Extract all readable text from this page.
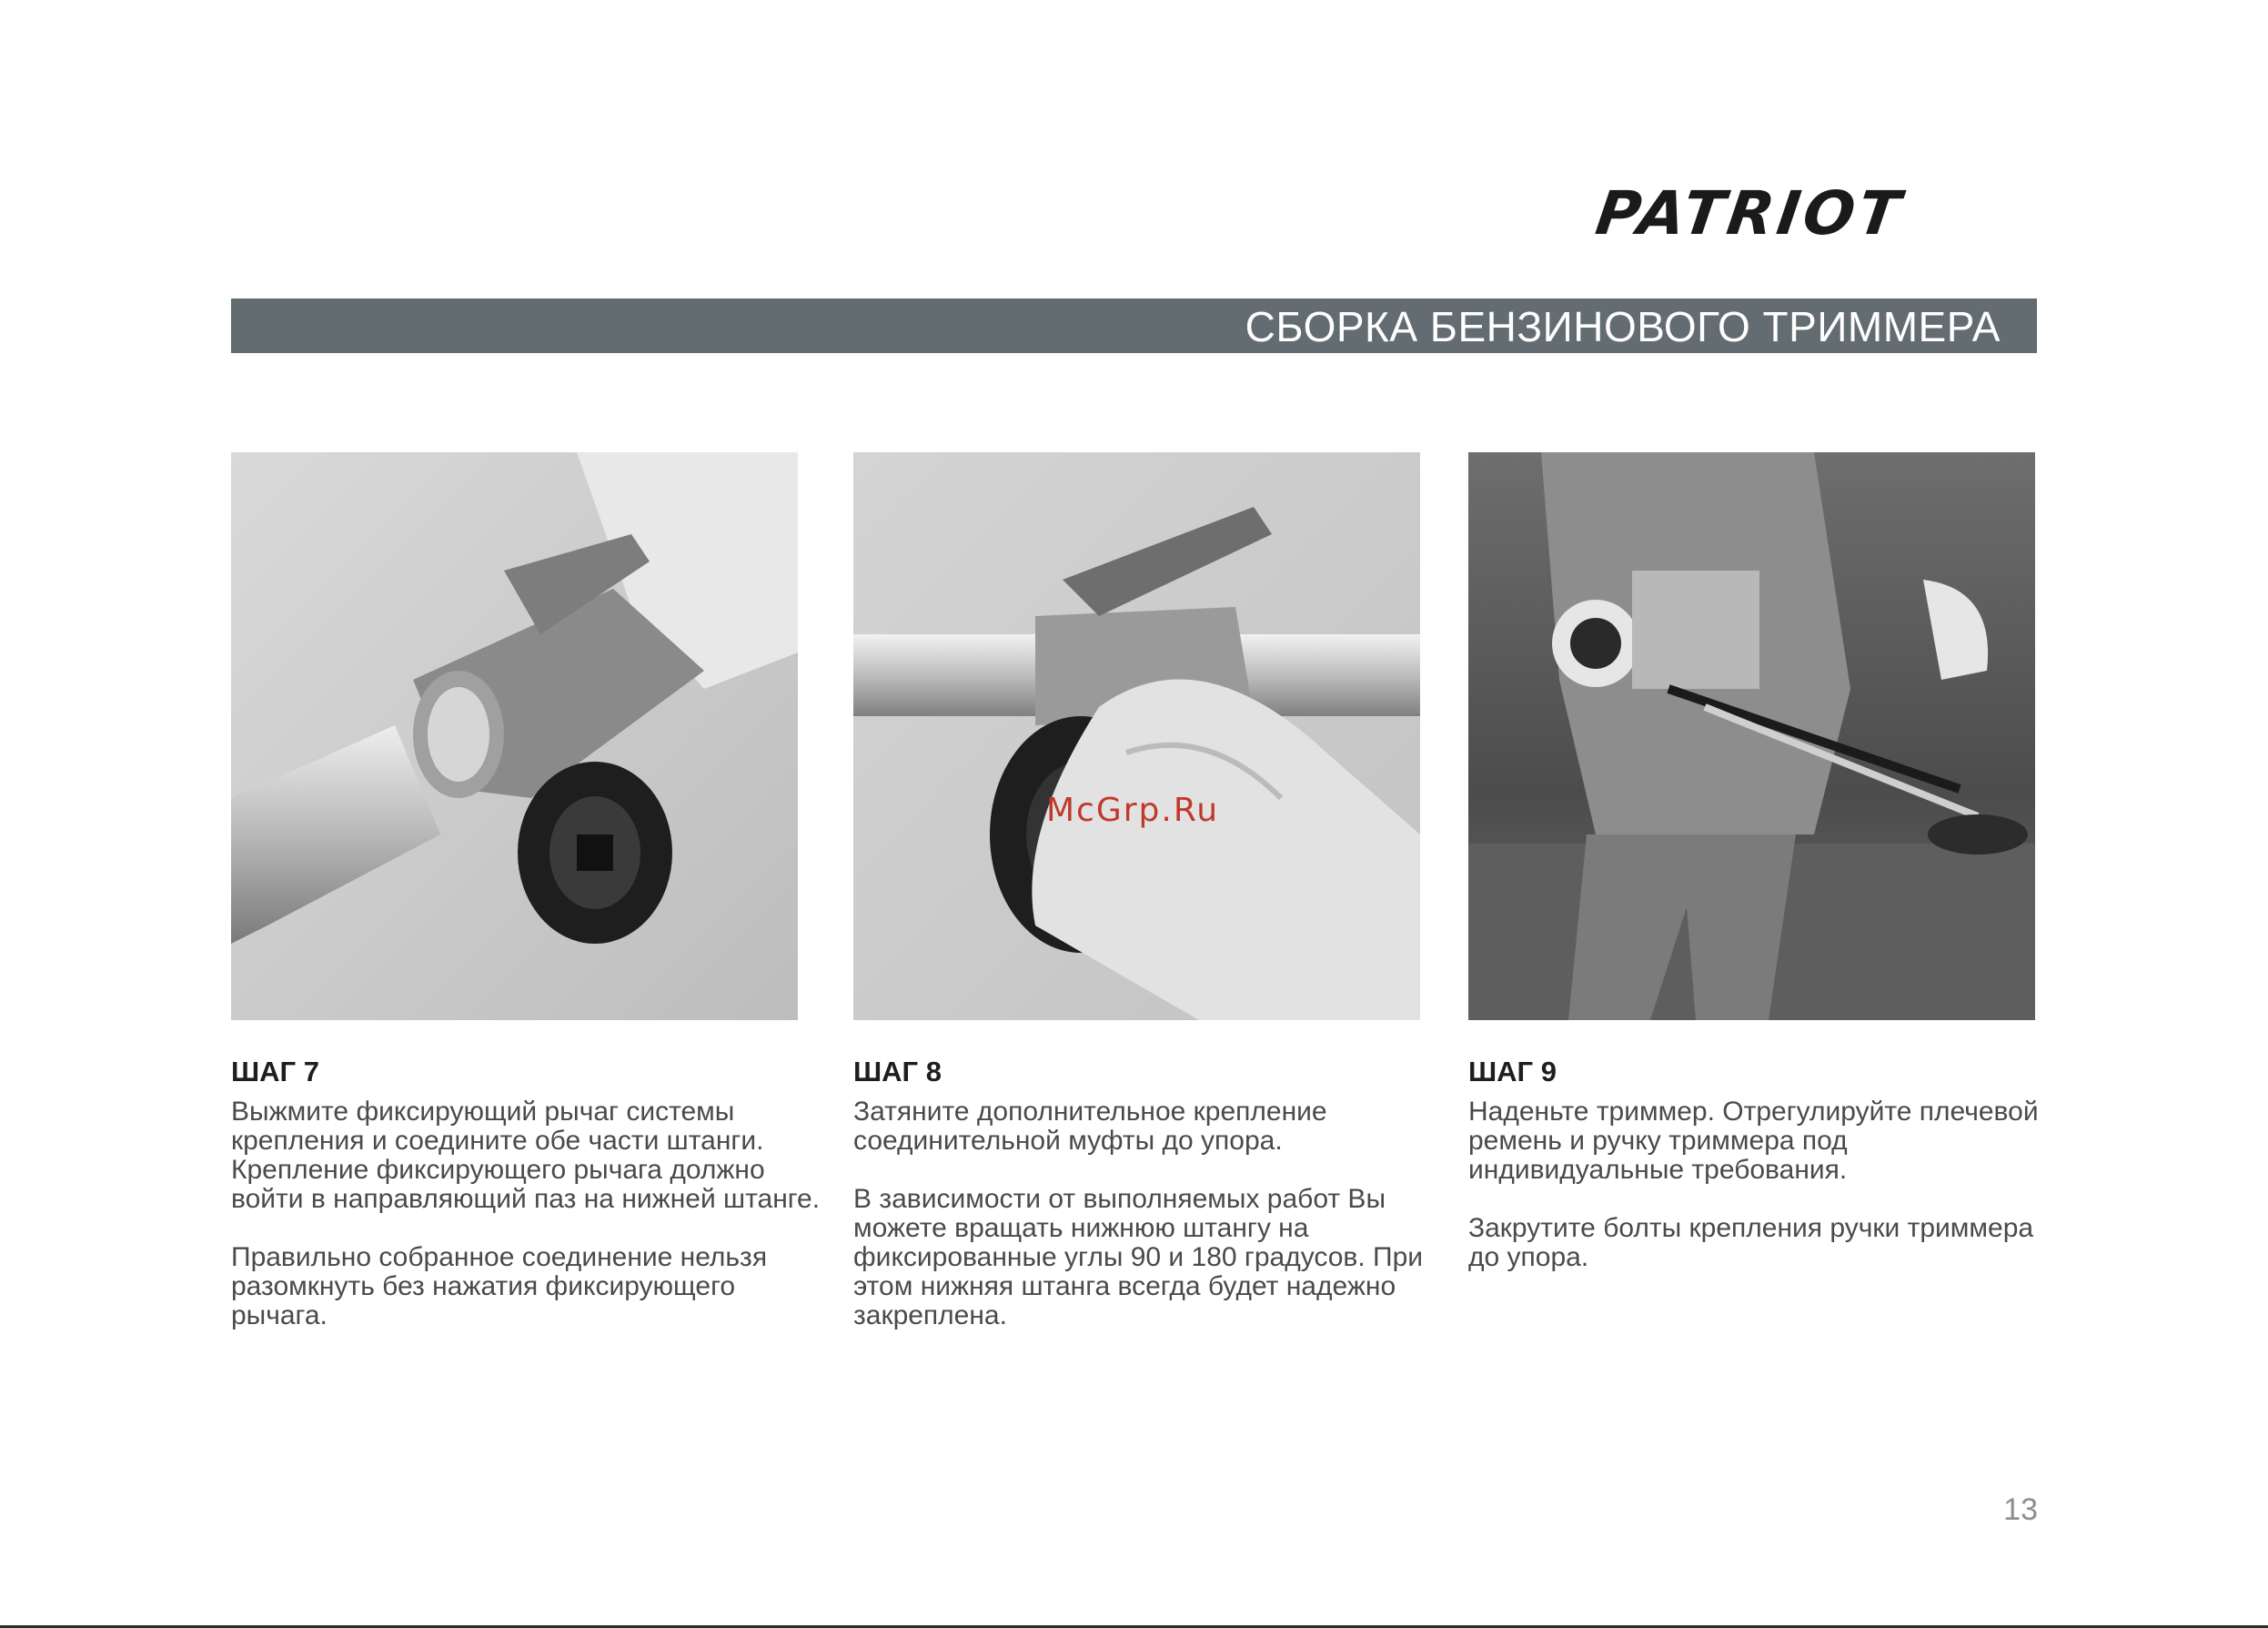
PATRIOT
СБОРКА БЕНЗИНОВОГО ТРИММЕРА
McGrp.Ru
ШАГ 7

Выжмите фиксирующий рычаг системы крепления и соедините обе части штанги. Крепление фиксирующего рычага должно войти в направляющий паз на нижней штанге.

Правильно собранное соединение нельзя разомкнуть без нажатия фиксирующего рычага.

ШАГ 8

Затяните дополнительное крепление соединительной муфты до упора.

В зависимости от выполняемых работ Вы можете вращать нижнюю штангу на фиксированные углы 90 и 180 градусов. При этом нижняя штанга всегда будет надежно закреплена.

ШАГ 9

Наденьте триммер. Отрегулируйте плечевой ремень и ручку триммера под индивидуальные требования.

Закрутите болты крепления ручки триммера до упора.

13
